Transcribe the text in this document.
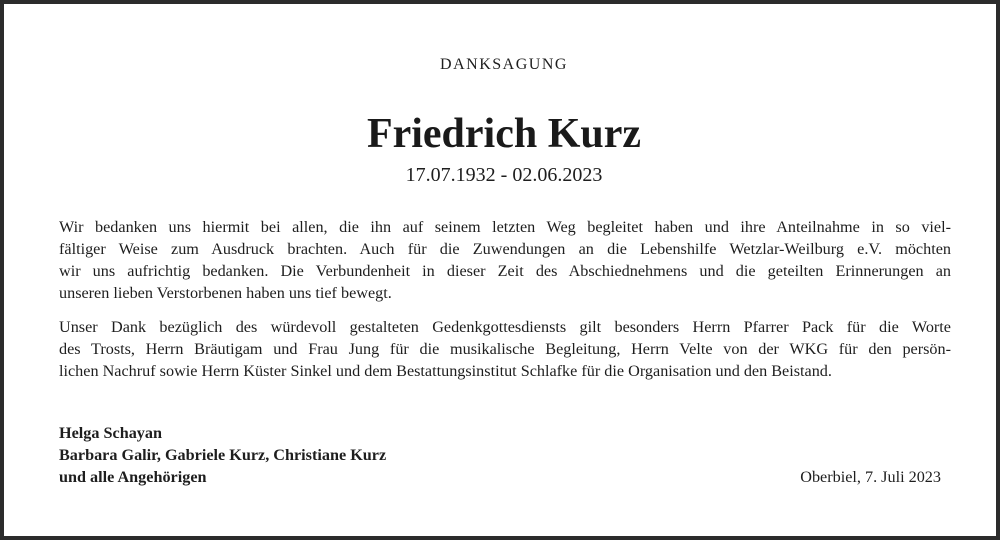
DANKSAGUNG
Friedrich Kurz
17.07.1932 - 02.06.2023
Wir bedanken uns hiermit bei allen, die ihn auf seinem letzten Weg begleitet haben und ihre Anteilnahme in so viel-
fältiger Weise zum Ausdruck brachten. Auch für die Zuwendungen an die Lebenshilfe Wetzlar-Weilburg e.V. möchten
wir uns aufrichtig bedanken. Die Verbundenheit in dieser Zeit des Abschiednehmens und die geteilten Erinnerungen an
unseren lieben Verstorbenen haben uns tief bewegt.
Unser Dank bezüglich des würdevoll gestalteten Gedenkgottesdiensts gilt besonders Herrn Pfarrer Pack für die Worte
des Trosts, Herrn Bräutigam und Frau Jung für die musikalische Begleitung, Herrn Velte von der WKG für den persön-
lichen Nachruf sowie Herrn Küster Sinkel und dem Bestattungsinstitut Schlafke für die Organisation und den Beistand.
Helga Schayan
Barbara Galir, Gabriele Kurz, Christiane Kurz
und alle Angehörigen	Oberbiel, 7. Juli 2023
